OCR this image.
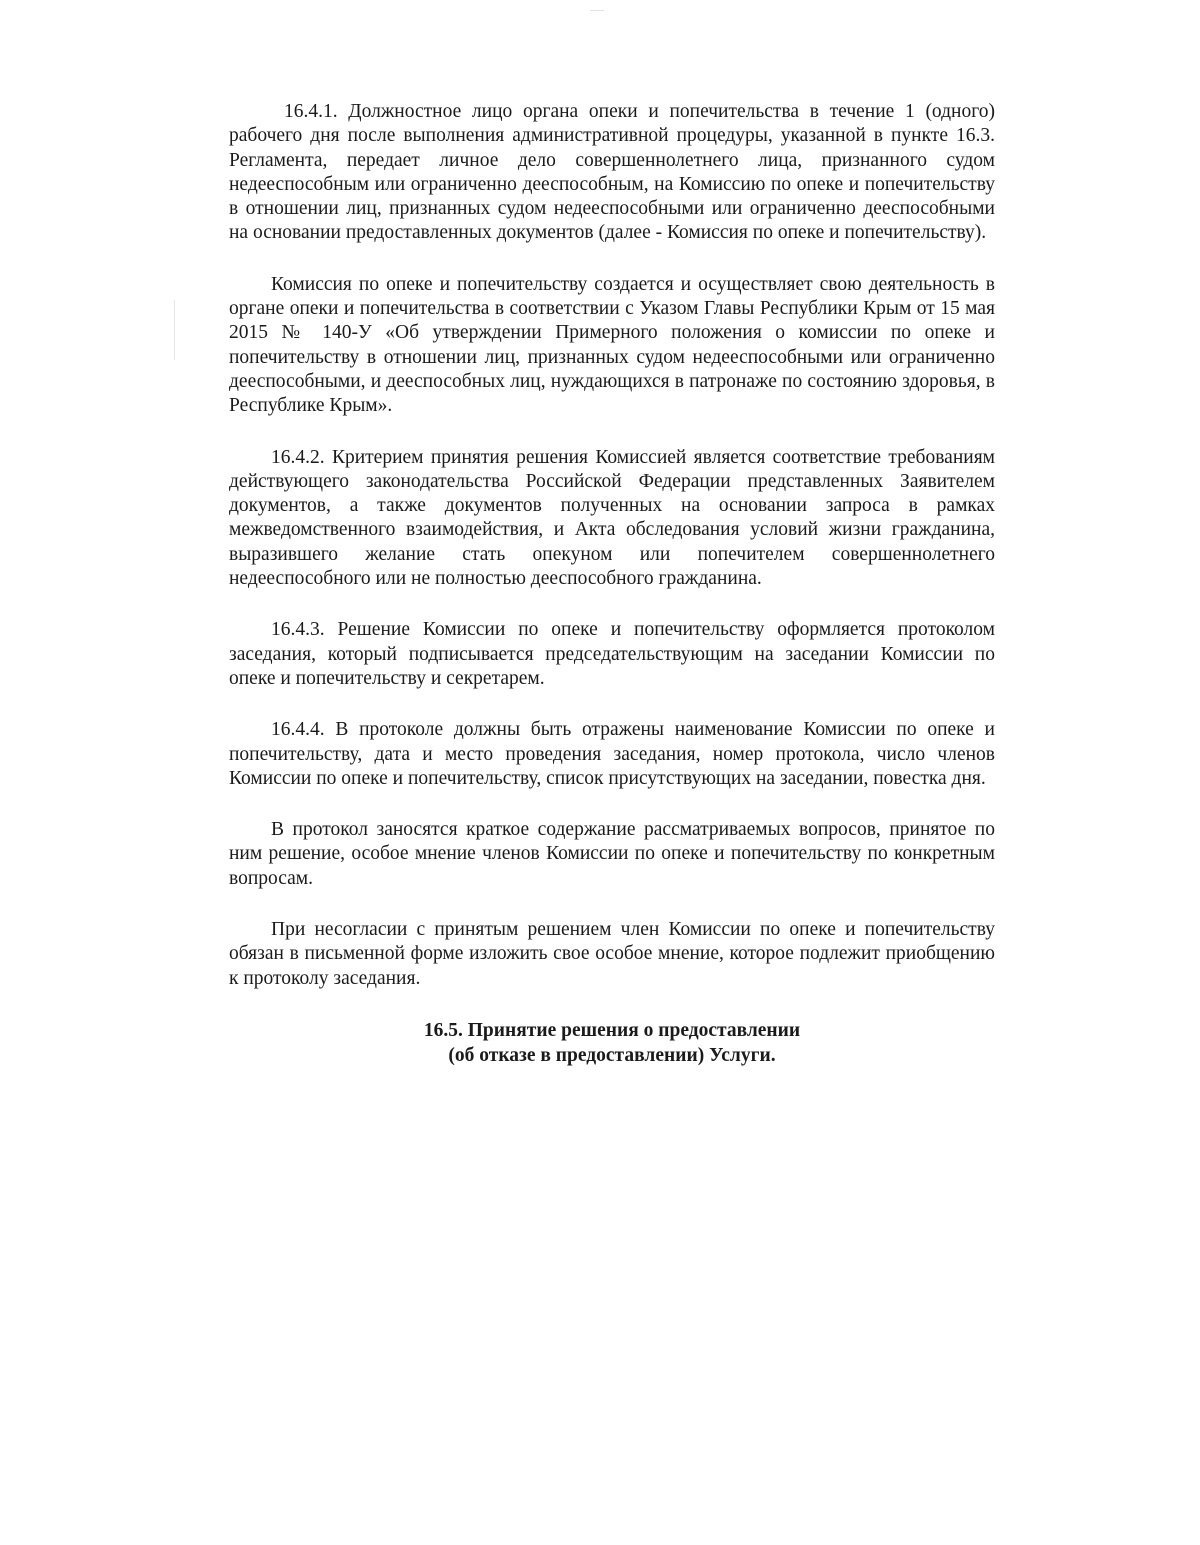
16.4.1. Должностное лицо органа опеки и попечительства в течение 1 (одного) рабочего дня после выполнения административной процедуры, указанной в пункте 16.3. Регламента, передает личное дело совершеннолетнего лица, признанного судом недееспособным или ограниченно дееспособным, на Комиссию по опеке и попечительству в отношении лиц, признанных судом недееспособными или ограниченно дееспособными на основании предоставленных документов (далее - Комиссия по опеке и попечительству).

Комиссия по опеке и попечительству создается и осуществляет свою деятельность в органе опеки и попечительства в соответствии с Указом Главы Республики Крым от 15 мая 2015 № 140-У «Об утверждении Примерного положения о комиссии по опеке и попечительству в отношении лиц, признанных судом недееспособными или ограниченно дееспособными, и дееспособных лиц, нуждающихся в патронаже по состоянию здоровья, в Республике Крым».

16.4.2. Критерием принятия решения Комиссией является соответствие требованиям действующего законодательства Российской Федерации представленных Заявителем документов, а также документов полученных на основании запроса в рамках межведомственного взаимодействия, и Акта обследования условий жизни гражданина, выразившего желание стать опекуном или попечителем совершеннолетнего недееспособного или не полностью дееспособного гражданина.

16.4.3. Решение Комиссии по опеке и попечительству оформляется протоколом заседания, который подписывается председательствующим на заседании Комиссии по опеке и попечительству и секретарем.

16.4.4. В протоколе должны быть отражены наименование Комиссии по опеке и попечительству, дата и место проведения заседания, номер протокола, число членов Комиссии по опеке и попечительству, список присутствующих на заседании, повестка дня.

В протокол заносятся краткое содержание рассматриваемых вопросов, принятое по ним решение, особое мнение членов Комиссии по опеке и попечительству по конкретным вопросам.

При несогласии с принятым решением член Комиссии по опеке и попечительству обязан в письменной форме изложить свое особое мнение, которое подлежит приобщению к протоколу заседания.

16.5. Принятие решения о предоставлении
(об отказе в предоставлении) Услуги.
